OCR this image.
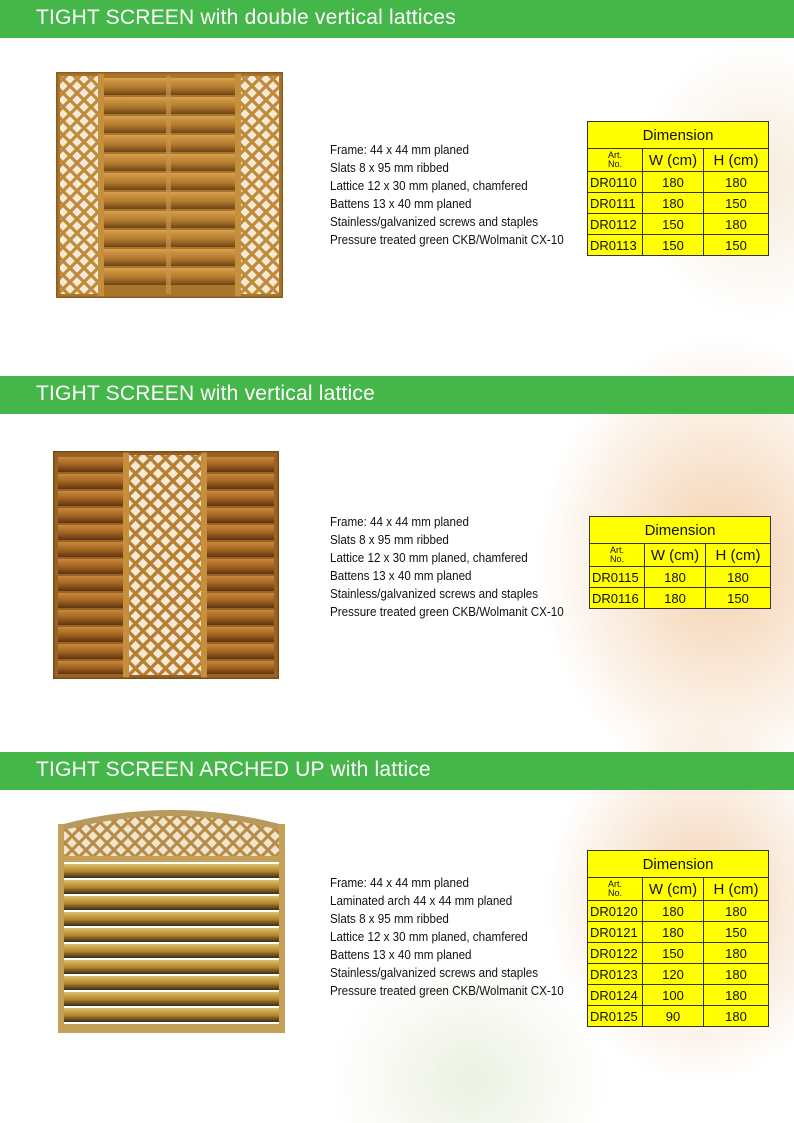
TIGHT SCREEN with double vertical lattices
Frame: 44 x 44 mm planed
Slats 8 x 95 mm ribbed
Lattice 12 x 30 mm planed, chamfered
Battens 13 x 40 mm planed
Stainless/galvanized screws and staples
Pressure treated green CKB/Wolmanit CX-10
Dimension		

Art.
No.	W (cm)	H (cm)
DR0110	180	180
DR0111	180	150
DR0112	150	180
DR0113	150	150
TIGHT SCREEN with vertical lattice
Frame: 44 x 44 mm planed
Slats 8 x 95 mm ribbed
Lattice 12 x 30 mm planed, chamfered
Battens 13 x 40 mm planed
Stainless/galvanized screws and staples
Pressure treated green CKB/Wolmanit CX-10
Dimension		

Art.
No.	W (cm)	H (cm)
DR0115	180	180
DR0116	180	150
TIGHT SCREEN ARCHED UP with lattice
Frame: 44 x 44 mm planed
Laminated arch 44 x 44 mm planed
Slats 8 x 95 mm ribbed
Lattice 12 x 30 mm planed, chamfered
Battens 13 x 40 mm planed
Stainless/galvanized screws and staples
Pressure treated green CKB/Wolmanit CX-10
Dimension		

Art.
No.	W (cm)	H (cm)
DR0120	180	180
DR0121	180	150
DR0122	150	180
DR0123	120	180
DR0124	100	180
DR0125	90	180
